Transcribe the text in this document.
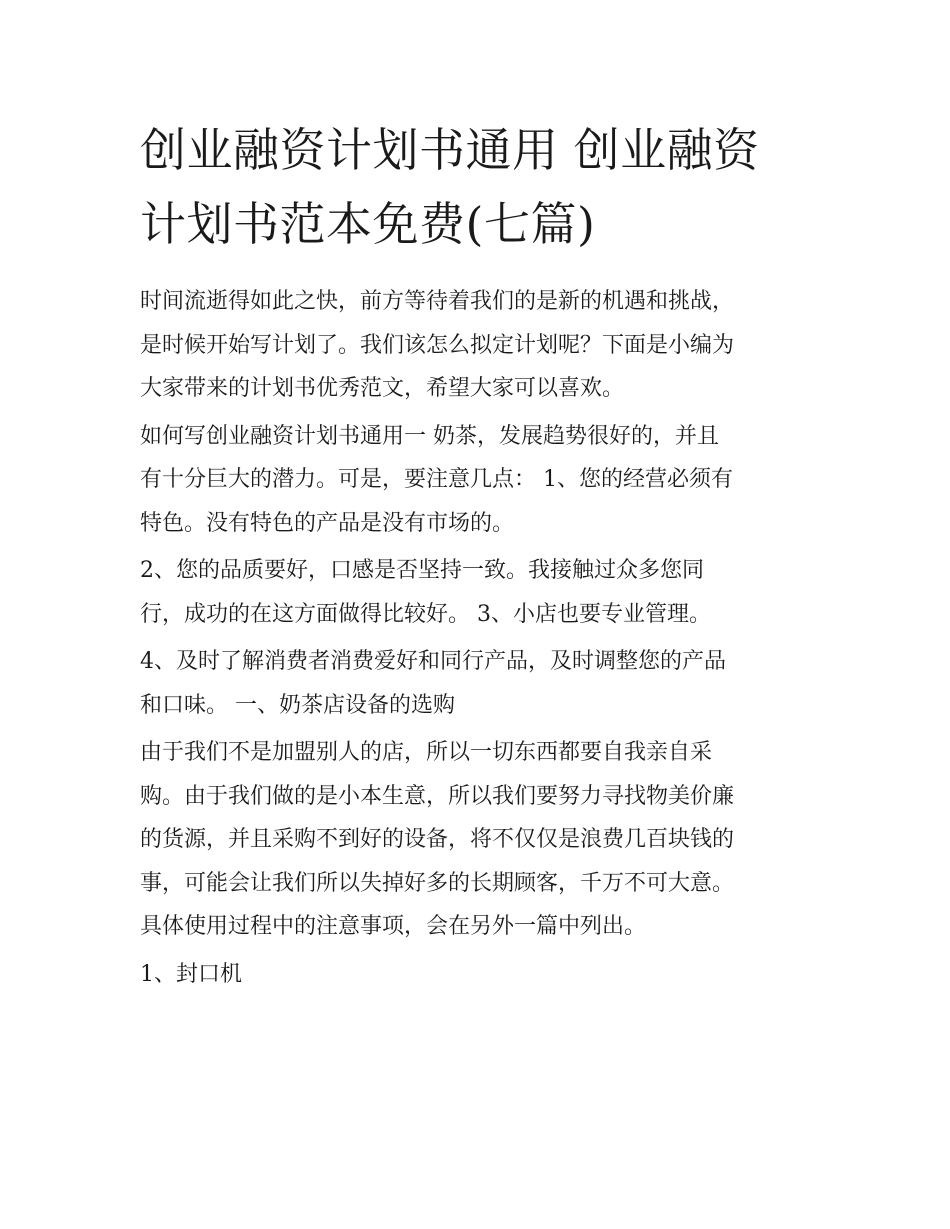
创业融资计划书通用 创业融资
计划书范本免费(七篇)

时间流逝得如此之快，前方等待着我们的是新的机遇和挑战，
是时候开始写计划了。我们该怎么拟定计划呢？下面是小编为
大家带来的计划书优秀范文，希望大家可以喜欢。

如何写创业融资计划书通用一 奶茶，发展趋势很好的，并且
有十分巨大的潜力。可是，要注意几点： 1、您的经营必须有
特色。没有特色的产品是没有市场的。

2、您的品质要好，口感是否坚持一致。我接触过众多您同
行，成功的在这方面做得比较好。 3、小店也要专业管理。

4、及时了解消费者消费爱好和同行产品，及时调整您的产品
和口味。 一、奶茶店设备的选购

由于我们不是加盟别人的店，所以一切东西都要自我亲自采
购。由于我们做的是小本生意，所以我们要努力寻找物美价廉
的货源，并且采购不到好的设备，将不仅仅是浪费几百块钱的
事，可能会让我们所以失掉好多的长期顾客，千万不可大意。
具体使用过程中的注意事项，会在另外一篇中列出。

1、封口机
